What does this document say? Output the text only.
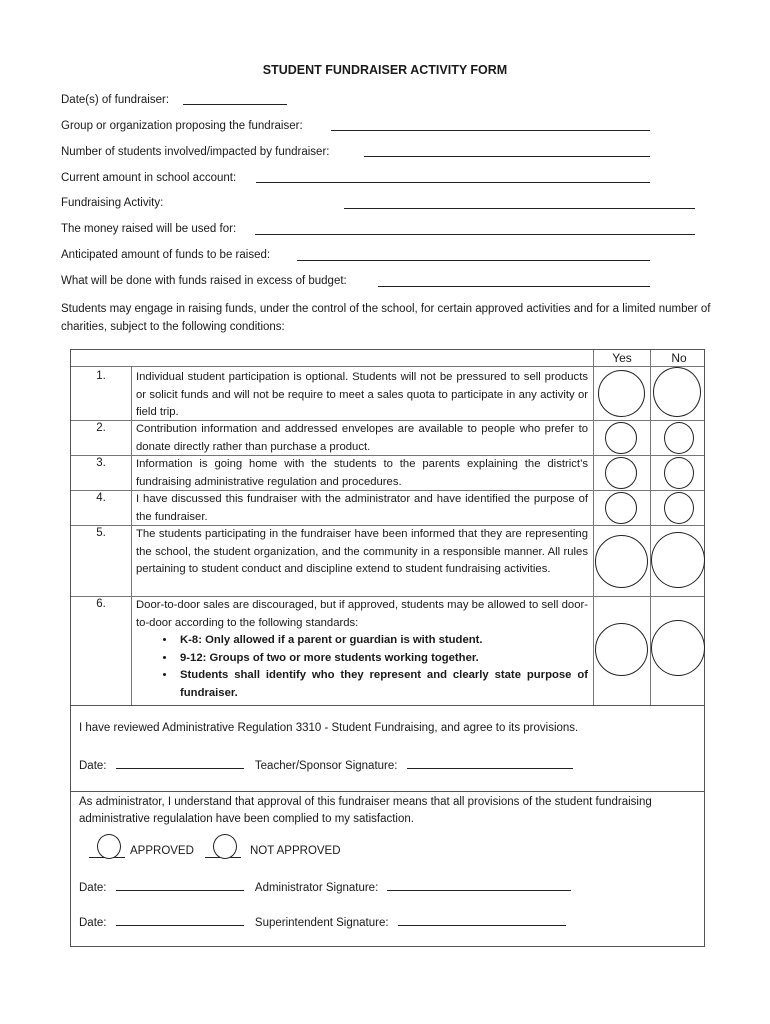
STUDENT FUNDRAISER ACTIVITY FORM
Date(s) of fundraiser:
Group or organization proposing the fundraiser:
Number of students involved/impacted by fundraiser:
Current amount in school account:
Fundraising Activity:
The money raised will be used for:
Anticipated amount of funds to be raised:
What will be done with funds raised in excess of budget:
Students may engage in raising funds, under the control of the school, for certain approved activities and for a limited number of charities, subject to the following conditions:
Yes	No
1.	Individual student participation is optional. Students will not be pressured to sell products or solicit funds and will not be require to meet a sales quota to participate in any activity or field trip.
2.	Contribution information and addressed envelopes are available to people who prefer to donate directly rather than purchase a product.
3.	Information is going home with the students to the parents explaining the district’s fundraising administrative regulation and procedures.
4.	I have discussed this fundraiser with the administrator and have identified the purpose of the fundraiser.
5.	The students participating in the fundraiser have been informed that they are representing the school, the student organization, and the community in a responsible manner. All rules pertaining to student conduct and discipline extend to student fundraising activities.
6.	Door-to-door sales are discouraged, but if approved, students may be allowed to sell door-to-door according to the following standards:
• K-8: Only allowed if a parent or guardian is with student.
• 9-12: Groups of two or more students working together.
• Students shall identify who they represent and clearly state purpose of fundraiser.
I have reviewed Administrative Regulation 3310 - Student Fundraising, and agree to its provisions.
Date:	Teacher/Sponsor Signature:
As administrator, I understand that approval of this fundraiser means that all provisions of the student fundraising administrative regulalation have been complied to my satisfaction.
APPROVED	NOT APPROVED
Date:	Administrator Signature:
Date:	Superintendent Signature:
